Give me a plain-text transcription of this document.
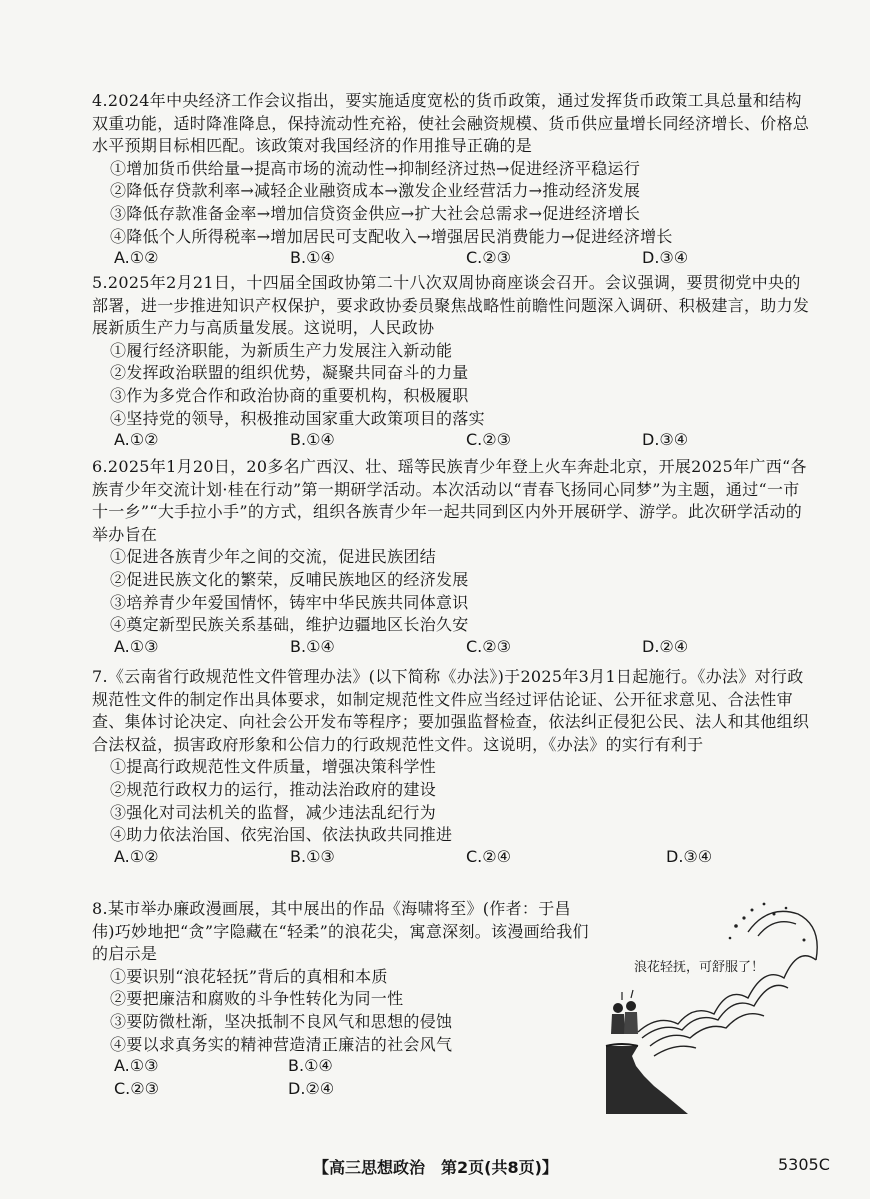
4.2024年中央经济工作会议指出，要实施适度宽松的货币政策，通过发挥货币政策工具总量和结构双重功能，适时降准降息，保持流动性充裕，使社会融资规模、货币供应量增长同经济增长、价格总水平预期目标相匹配。该政策对我国经济的作用推导正确的是

①增加货币供给量→提高市场的流动性→抑制经济过热→促进经济平稳运行

②降低存贷款利率→减轻企业融资成本→激发企业经营活力→推动经济发展

③降低存款准备金率→增加信贷资金供应→扩大社会总需求→促进经济增长

④降低个人所得税率→增加居民可支配收入→增强居民消费能力→促进经济增长

A.①②	B.①④	C.②③	D.③④

5.2025年2月21日，十四届全国政协第二十八次双周协商座谈会召开。会议强调，要贯彻党中央的部署，进一步推进知识产权保护，要求政协委员聚焦战略性前瞻性问题深入调研、积极建言，助力发展新质生产力与高质量发展。这说明，人民政协

①履行经济职能，为新质生产力发展注入新动能

②发挥政治联盟的组织优势，凝聚共同奋斗的力量

③作为多党合作和政治协商的重要机构，积极履职

④坚持党的领导，积极推动国家重大政策项目的落实

A.①②	B.①④	C.②③	D.③④

6.2025年1月20日，20多名广西汉、壮、瑶等民族青少年登上火车奔赴北京，开展2025年广西“各族青少年交流计划·桂在行动”第一期研学活动。本次活动以“青春飞扬同心同梦”为主题，通过“一市十一乡”“大手拉小手”的方式，组织各族青少年一起共同到区内外开展研学、游学。此次研学活动的举办旨在

①促进各族青少年之间的交流，促进民族团结

②促进民族文化的繁荣，反哺民族地区的经济发展

③培养青少年爱国情怀，铸牢中华民族共同体意识

④奠定新型民族关系基础，维护边疆地区长治久安

A.①③	B.①④	C.②③	D.②④

7.《云南省行政规范性文件管理办法》(以下简称《办法》)于2025年3月1日起施行。《办法》对行政规范性文件的制定作出具体要求，如制定规范性文件应当经过评估论证、公开征求意见、合法性审查、集体讨论决定、向社会公开发布等程序；要加强监督检查，依法纠正侵犯公民、法人和其他组织合法权益，损害政府形象和公信力的行政规范性文件。这说明，《办法》的实行有利于

①提高行政规范性文件质量，增强决策科学性

②规范行政权力的运行，推动法治政府的建设

③强化对司法机关的监督，减少违法乱纪行为

④助力依法治国、依宪治国、依法执政共同推进

A.①②	B.①③	C.②④	D.③④

8.某市举办廉政漫画展，其中展出的作品《海啸将至》(作者：于昌伟)巧妙地把“贪”字隐藏在“轻柔”的浪花尖，寓意深刻。该漫画给我们的启示是

①要识别“浪花轻抚”背后的真相和本质

②要把廉洁和腐败的斗争性转化为同一性

③要防微杜渐，坚决抵制不良风气和思想的侵蚀

④要以求真务实的精神营造清正廉洁的社会风气

A.①③	B.①④
C.②③	D.②④
浪花轻抚，可舒服了！
【高三思想政治　第2页(共8页)】	5305C
